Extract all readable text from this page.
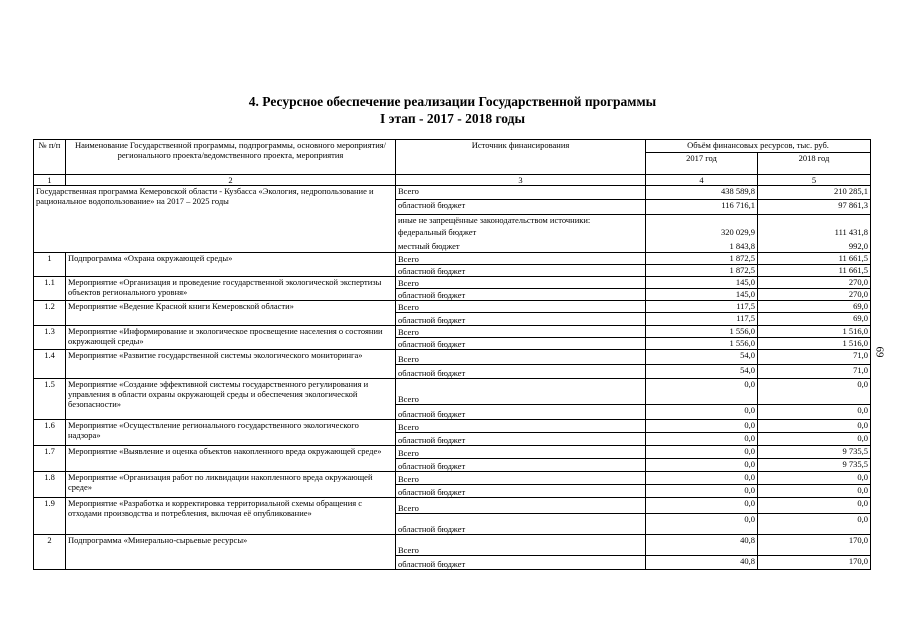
4. Ресурсное обеспечение реализации Государственной программы
I этап - 2017 - 2018 годы
69
№ п/п	Наименование Государственной программы, подпрограммы, основного мероприятия/регионального проекта/ведомственного проекта, мероприятия	Источник финансирования	Объём финансовых ресурсов, тыс. руб.	
			2017 год	2018 год
1	2	3	4	5
Государственная программа Кемеровской области - Кузбасса «Экология, недропользование и рациональное водопользование» на 2017 – 2025 годы		Всего	438 589,8	210 285,1
		областной бюджет	116 716,1	97 861,3
		иные не запрещённые законодательством источники:		
		федеральный бюджет	320 029,9	111 431,8
		местный бюджет	1 843,8	992,0
1	Подпрограмма «Охрана окружающей среды»	Всего	1 872,5	11 661,5
		областной бюджет	1 872,5	11 661,5
1.1	Мероприятие «Организация и проведение государственной экологической экспертизы объектов регионального уровня»	Всего	145,0	270,0
		областной бюджет	145,0	270,0
1.2	Мероприятие «Ведение Красной книги Кемеровской области»	Всего	117,5	69,0
		областной бюджет	117,5	69,0
1.3	Мероприятие «Информирование и экологическое просвещение населения о состоянии окружающей среды»	Всего	1 556,0	1 516,0
		областной бюджет	1 556,0	1 516,0
1.4	Мероприятие «Развитие государственной системы экологического мониторинга»	Всего	54,0	71,0
		областной бюджет	54,0	71,0
1.5	Мероприятие «Создание эффективной системы государственного регулирования и управления в области охраны окружающей среды и обеспечения экологической безопасности»	Всего	0,0	0,0
		областной бюджет	0,0	0,0
1.6	Мероприятие «Осуществление регионального государственного экологического надзора»	Всего	0,0	0,0
		областной бюджет	0,0	0,0
1.7	Мероприятие «Выявление и оценка объектов накопленного вреда окружающей среде»	Всего	0,0	9 735,5
		областной бюджет	0,0	9 735,5
1.8	Мероприятие «Организация работ по ликвидации накопленного вреда окружающей среде»	Всего	0,0	0,0
		областной бюджет	0,0	0,0
1.9	Мероприятие «Разработка и корректировка территориальной схемы обращения с отходами производства и потребления, включая её опубликование»	Всего	0,0	0,0
		областной бюджет	0,0	0,0
2	Подпрограмма «Минерально-сырьевые ресурсы»	Всего	40,8	170,0
		областной бюджет	40,8	170,0
